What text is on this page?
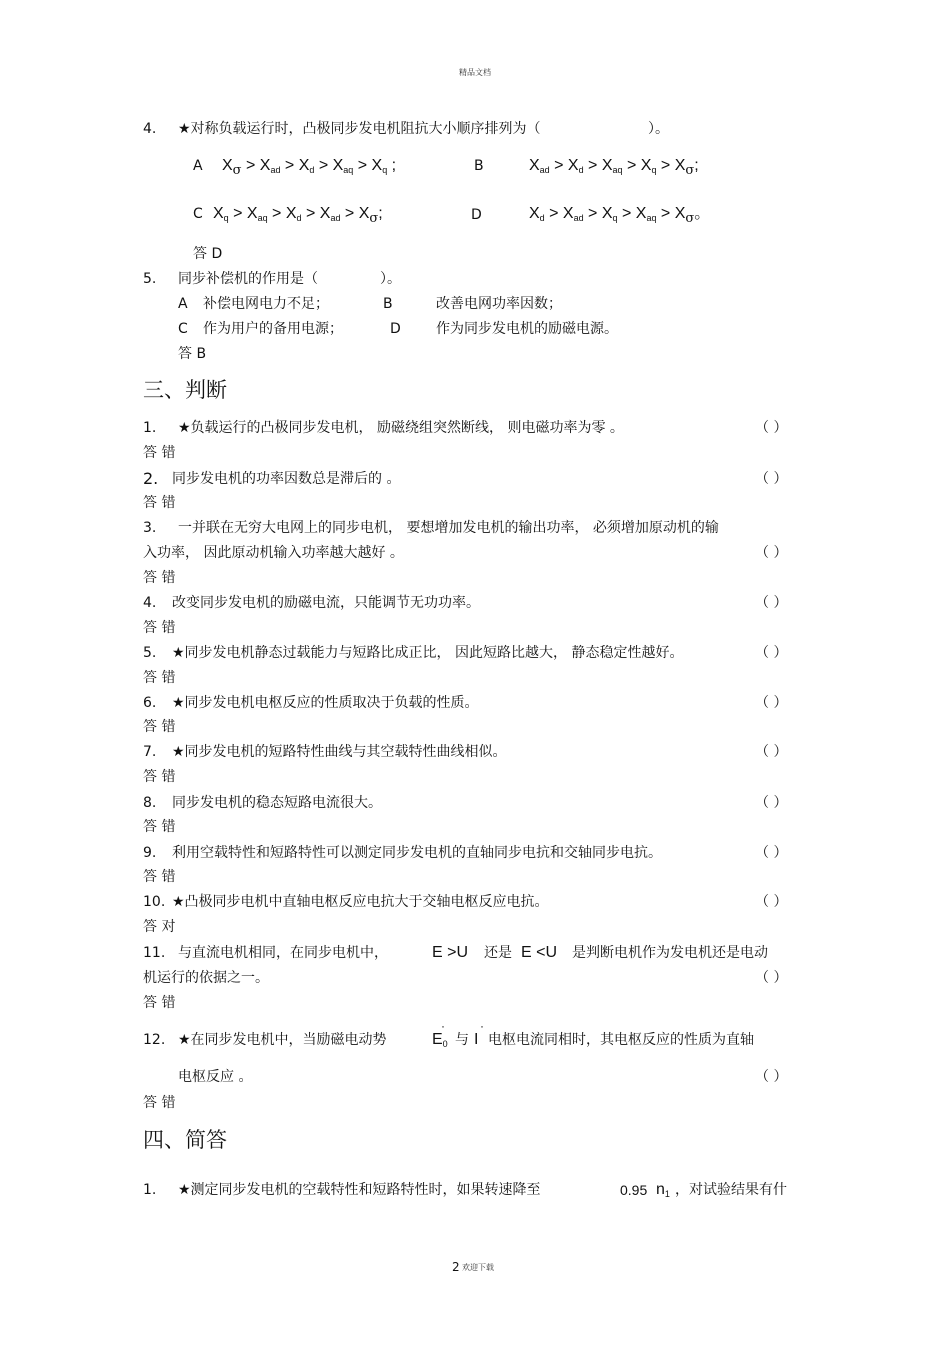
精品文档
4. ★对称负载运行时，凸极同步发电机阻抗大小顺序排列为（	）。
A $X_\sigma > X_{ad} > X_d > X_{aq} > X_q$ ;	B	$X_{ad} > X_d > X_{aq} > X_q > X_\sigma$;
C $X_q > X_{aq} > X_d > X_{ad} > X_\sigma$;	D	$X_d > X_{ad} > X_q > X_{aq} > X_\sigma$。
答 D
5. 同步补偿机的作用是（	）。
A 补偿电网电力不足；	B	改善电网功率因数；
C 作为用户的备用电源；	D	作为同步发电机的励磁电源。
答 B
三、判断
1. ★负载运行的凸极同步发电机， 励磁绕组突然断线， 则电磁功率为零 。	（ ）
答 错
2. 同步发电机的功率因数总是滞后的 。	（ ）
答 错
3. 一并联在无穷大电网上的同步电机， 要想增加发电机的输出功率， 必须增加原动机的输
入功率， 因此原动机输入功率越大越好 。	（ ）
答 错
4. 改变同步发电机的励磁电流，只能调节无功功率。	（ ）
答 错
5. ★同步发电机静态过载能力与短路比成正比， 因此短路比越大， 静态稳定性越好。	（ ）
答 错
6. ★同步发电机电枢反应的性质取决于负载的性质。	（ ）
答 错
7. ★同步发电机的短路特性曲线与其空载特性曲线相似。	（ ）
答 错
8. 同步发电机的稳态短路电流很大。	（ ）
答 错
9. 利用空载特性和短路特性可以测定同步发电机的直轴同步电抗和交轴同步电抗。	（ ）
答 错
10. ★凸极同步电机中直轴电枢反应电抗大于交轴电枢反应电抗。	（ ）
答 对
11. 与直流电机相同，在同步电机中，	E >U 还是 E <U 是判断电机作为发电机还是电动
机运行的依据之一。	（ ）
答 错
12. ★在同步发电机中，当励磁电动势
·
$E_0$ 与
·
I 电枢电流同相时，其电枢反应的性质为直轴
电枢反应 。	（ ）
答 错
四、简答
1. ★测定同步发电机的空载特性和短路特性时，如果转速降至	0.95 $n_1$ ，对试验结果有什
2 欢迎下载
